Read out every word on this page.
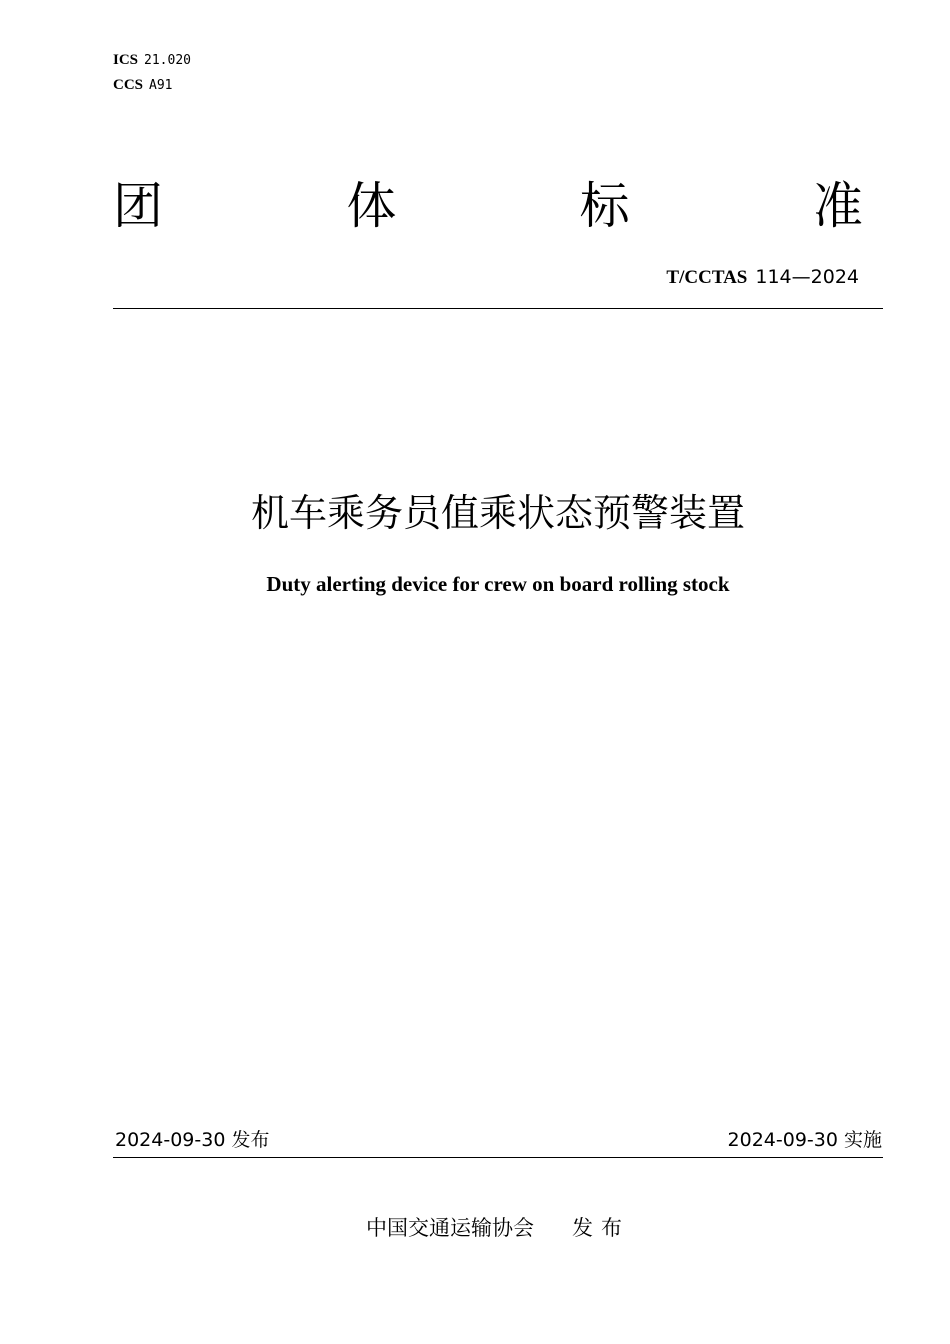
ICS 21.020
CCS A91
团	体	标	准
T/CCTAS 114—2024
机车乘务员值乘状态预警装置
Duty alerting device for crew on board rolling stock
2024-09-30 发布	2024-09-30 实施
中国交通运输协会 发布
